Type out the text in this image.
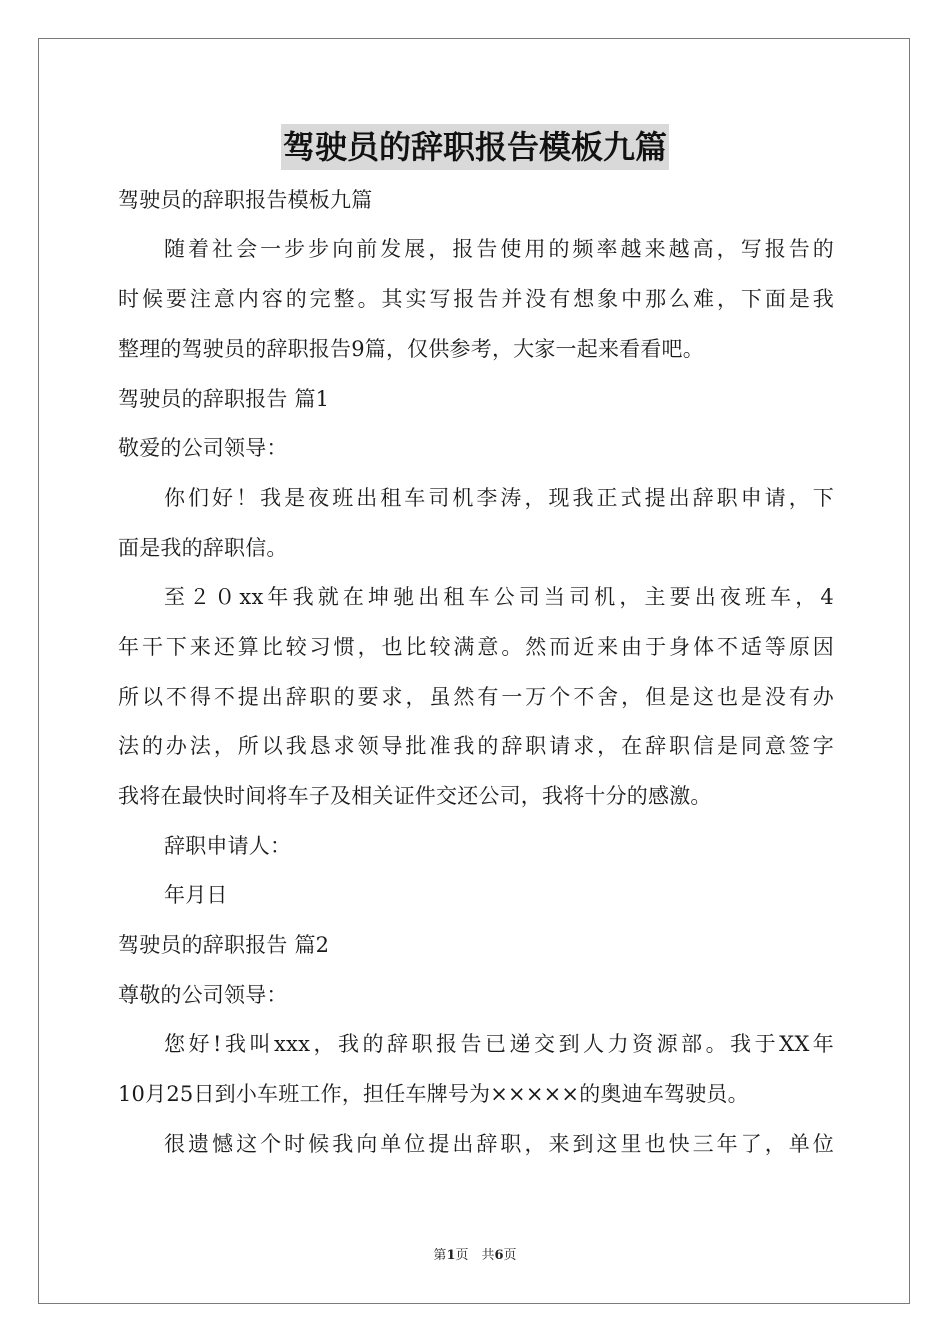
驾驶员的辞职报告模板九篇
驾驶员的辞职报告模板九篇
随着社会一步步向前发展，报告使用的频率越来越高，写报告的
时候要注意内容的完整。其实写报告并没有想象中那么难，下面是我
整理的驾驶员的辞职报告9篇，仅供参考，大家一起来看看吧。
驾驶员的辞职报告 篇1
敬爱的公司领导：
你们好！我是夜班出租车司机李涛，现我正式提出辞职申请，下
面是我的辞职信。
至２０xx年我就在坤驰出租车公司当司机，主要出夜班车，4
年干下来还算比较习惯，也比较满意。然而近来由于身体不适等原因
所以不得不提出辞职的要求，虽然有一万个不舍，但是这也是没有办
法的办法，所以我恳求领导批准我的辞职请求，在辞职信是同意签字
我将在最快时间将车子及相关证件交还公司，我将十分的感激。
辞职申请人：
年月日
驾驶员的辞职报告 篇2
尊敬的公司领导：
您好!我叫xxx，我的辞职报告已递交到人力资源部。我于XX年
10月25日到小车班工作，担任车牌号为×××××的奥迪车驾驶员。
很遗憾这个时候我向单位提出辞职，来到这里也快三年了，单位
第1页　共6页
